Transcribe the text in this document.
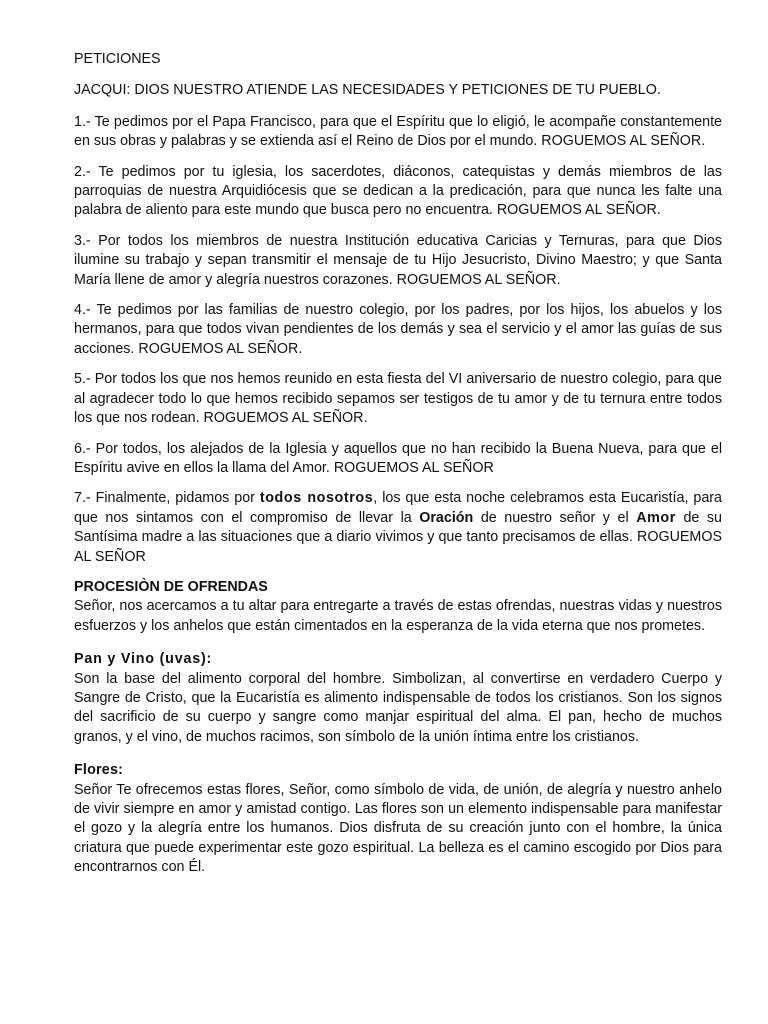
PETICIONES

JACQUI: DIOS NUESTRO ATIENDE LAS NECESIDADES Y PETICIONES DE TU PUEBLO.

1.- Te pedimos por el Papa Francisco, para que el Espíritu que lo eligió, le acompañe constantemente en sus obras y palabras y se extienda así el Reino de Dios por el mundo. ROGUEMOS AL SEÑOR.

2.- Te pedimos por tu iglesia, los sacerdotes, diáconos, catequistas y demás miembros de las parroquias de nuestra Arquidiócesis que se dedican a la predicación, para que nunca les falte una palabra de aliento para este mundo que busca pero no encuentra. ROGUEMOS AL SEÑOR.

3.- Por todos los miembros de nuestra Institución educativa Caricias y Ternuras, para que Dios ilumine su trabajo y sepan transmitir el mensaje de tu Hijo Jesucristo, Divino Maestro; y que Santa María llene de amor y alegría nuestros corazones. ROGUEMOS AL SEÑOR.

4.- Te pedimos por las familias de nuestro colegio, por los padres, por los hijos, los abuelos y los hermanos, para que todos vivan pendientes de los demás y sea el servicio y el amor las guías de sus acciones. ROGUEMOS AL SEÑOR.

5.- Por todos los que nos hemos reunido en esta fiesta del VI aniversario de nuestro colegio, para que al agradecer todo lo que hemos recibido sepamos ser testigos de tu amor y de tu ternura entre todos los que nos rodean. ROGUEMOS AL SEÑOR.

6.- Por todos, los alejados de la Iglesia y aquellos que no han recibido la Buena Nueva, para que el Espíritu avive en ellos la llama del Amor. ROGUEMOS AL SEÑOR

7.- Finalmente, pidamos por todos nosotros, los que esta noche celebramos esta Eucaristía, para que nos sintamos con el compromiso de llevar la Oración de nuestro señor y el Amor de su Santísima madre a las situaciones que a diario vivimos y que tanto precisamos de ellas. ROGUEMOS AL SEÑOR

PROCESIÒN DE OFRENDAS

Señor, nos acercamos a tu altar para entregarte a través de estas ofrendas, nuestras vidas y nuestros esfuerzos y los anhelos que están cimentados en la esperanza de la vida eterna que nos prometes.

Pan y Vino (uvas):

Son la base del alimento corporal del hombre. Simbolizan, al convertirse en verdadero Cuerpo y Sangre de Cristo, que la Eucaristía es alimento indispensable de todos los cristianos. Son los signos del sacrificio de su cuerpo y sangre como manjar espiritual del alma. El pan, hecho de muchos granos, y el vino, de muchos racimos, son símbolo de la unión íntima entre los cristianos.

Flores:

Señor Te ofrecemos estas flores, Señor, como símbolo de vida, de unión, de alegría y nuestro anhelo de vivir siempre en amor y amistad contigo. Las flores son un elemento indispensable para manifestar el gozo y la alegría entre los humanos. Dios disfruta de su creación junto con el hombre, la única criatura que puede experimentar este gozo espiritual. La belleza es el camino escogido por Dios para encontrarnos con Él.
